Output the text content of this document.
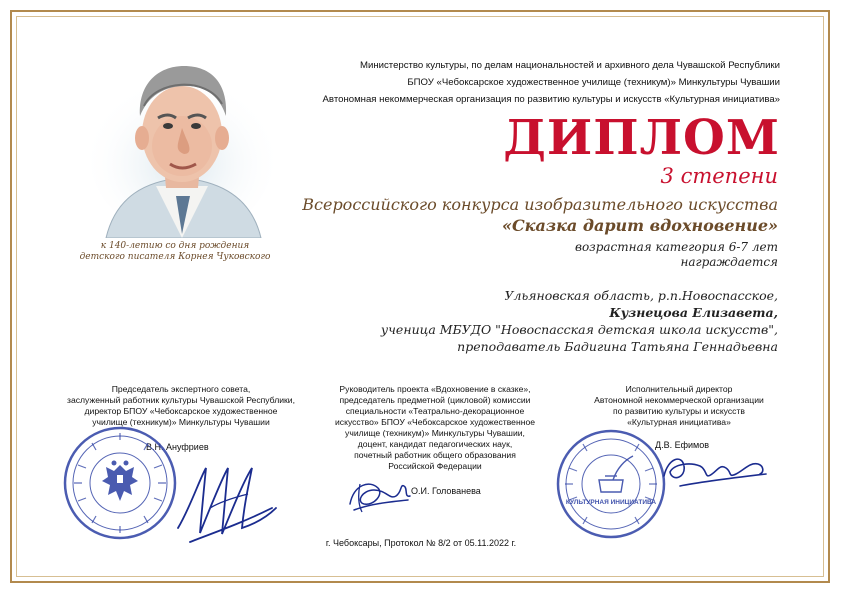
к 140-летию со дня рождения
детского писателя Корнея Чуковского
Министерство культуры, по делам национальностей и архивного дела Чувашской Республики
БПОУ «Чебоксарское художественное училище (техникум)» Минкультуры Чувашии
Автономная некоммерческая организация по развитию культуры и искусств «Культурная инициатива»
ДИПЛОМ
3 степени
Всероссийского конкурса изобразительного искусства
«Сказка дарит вдохновение»
возрастная категория 6-7 лет
награждается
Ульяновская область, р.п.Новоспасское,
Кузнецова Елизавета,
ученица МБУДО "Новоспасская детская школа искусств",
преподаватель Бадигина Татьяна Геннадьевна
Председатель экспертного совета,
заслуженный работник культуры Чувашской Республики,
директор БПОУ «Чебоксарское художественное
училище (техникум)» Минкультуры Чувашии
В.Н. Ануфриев
Руководитель проекта «Вдохновение в сказке»,
председатель предметной (цикловой) комиссии
специальности «Театрально-декорационное
искусство» БПОУ «Чебоксарское художественное
училище (техникум)» Минкультуры Чувашии,
доцент, кандидат педагогических наук,
почетный работник общего образования
Российской Федерации
О.И. Голованева
Исполнительный директор
Автономной некоммерческой организации
по развитию культуры и искусств
«Культурная инициатива»
Д.В. Ефимов
КУЛЬТУРНАЯ ИНИЦИАТИВА
г. Чебоксары, Протокол № 8/2 от 05.11.2022 г.
